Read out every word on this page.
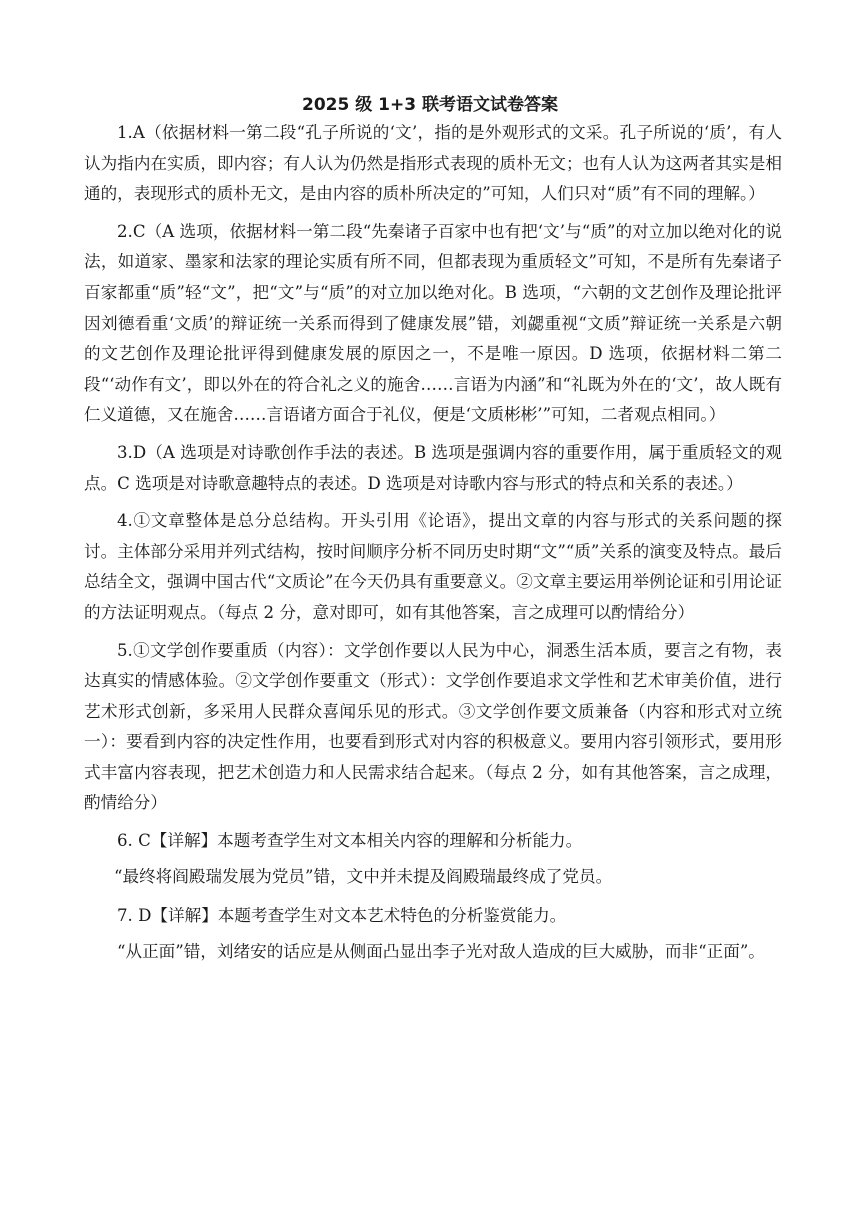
2025 级 1+3 联考语文试卷答案

1.A（依据材料一第二段“孔子所说的‘文’，指的是外观形式的文采。孔子所说的‘质’，有人认为指内在实质，即内容；有人认为仍然是指形式表现的质朴无文；也有人认为这两者其实是相通的，表现形式的质朴无文，是由内容的质朴所决定的”可知，人们只对“质”有不同的理解。）

2.C（A 选项，依据材料一第二段“先秦诸子百家中也有把‘文’与“质”的对立加以绝对化的说法，如道家、墨家和法家的理论实质有所不同，但都表现为重质轻文”可知，不是所有先秦诸子百家都重“质”轻“文”，把“文”与“质”的对立加以绝对化。B 选项，“六朝的文艺创作及理论批评因刘德看重‘文质’的辩证统一关系而得到了健康发展”错，刘勰重视“文质”辩证统一关系是六朝的文艺创作及理论批评得到健康发展的原因之一，不是唯一原因。D 选项，依据材料二第二段“‘动作有文’，即以外在的符合礼之义的施舍……言语为内涵”和“礼既为外在的‘文’，故人既有仁义道德，又在施舍……言语诸方面合于礼仪，便是‘文质彬彬’”可知，二者观点相同。）

3.D（A 选项是对诗歌创作手法的表述。B 选项是强调内容的重要作用，属于重质轻文的观点。C 选项是对诗歌意趣特点的表述。D 选项是对诗歌内容与形式的特点和关系的表述。）

4.①文章整体是总分总结构。开头引用《论语》，提出文章的内容与形式的关系问题的探讨。主体部分采用并列式结构，按时间顺序分析不同历史时期“文”“质”关系的演变及特点。最后总结全文，强调中国古代“文质论”在今天仍具有重要意义。②文章主要运用举例论证和引用论证的方法证明观点。（每点 2 分，意对即可，如有其他答案，言之成理可以酌情给分）

5.①文学创作要重质（内容）：文学创作要以人民为中心，洞悉生活本质，要言之有物，表达真实的情感体验。②文学创作要重文（形式）：文学创作要追求文学性和艺术审美价值，进行艺术形式创新，多采用人民群众喜闻乐见的形式。③文学创作要文质兼备（内容和形式对立统一）：要看到内容的决定性作用，也要看到形式对内容的积极意义。要用内容引领形式，要用形式丰富内容表现，把艺术创造力和人民需求结合起来。（每点 2 分，如有其他答案，言之成理，酌情给分）

6. C【详解】本题考查学生对文本相关内容的理解和分析能力。

“最终将阎殿瑞发展为党员”错，文中并未提及阎殿瑞最终成了党员。

7. D【详解】本题考查学生对文本艺术特色的分析鉴赏能力。

“从正面”错，刘绪安的话应是从侧面凸显出李子光对敌人造成的巨大威胁，而非“正面”。
